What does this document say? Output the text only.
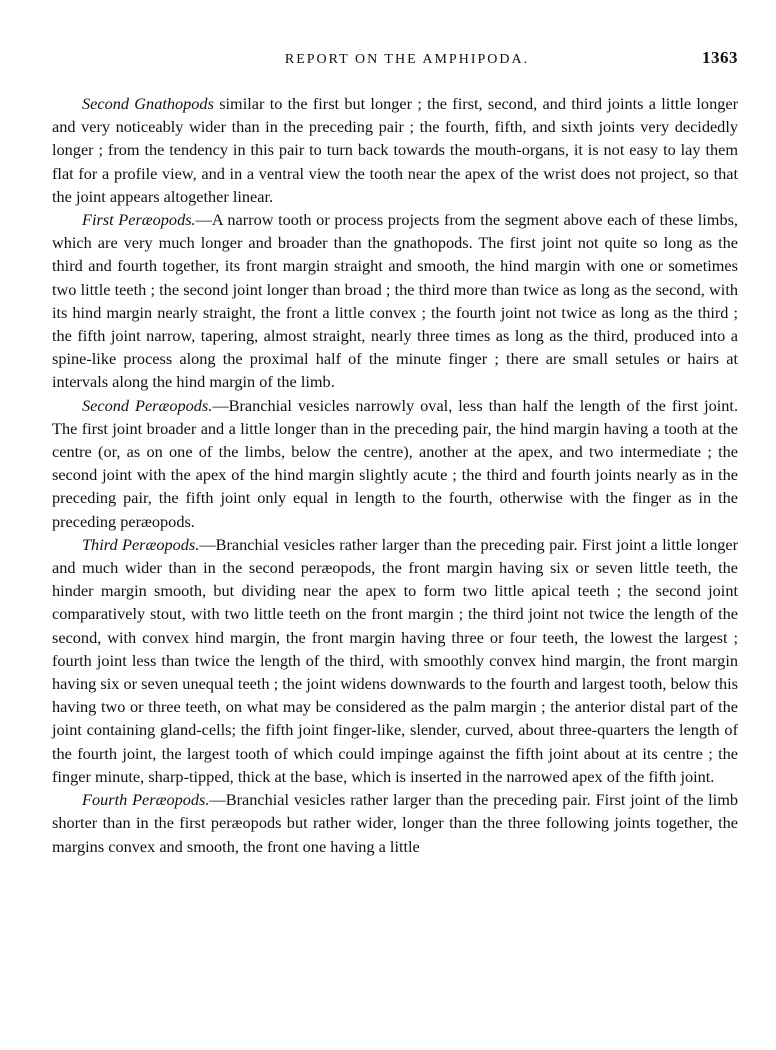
REPORT ON THE AMPHIPODA.	1363

Second Gnathopods similar to the first but longer ; the first, second, and third joints a little longer and very noticeably wider than in the preceding pair ; the fourth, fifth, and sixth joints very decidedly longer ; from the tendency in this pair to turn back towards the mouth-organs, it is not easy to lay them flat for a profile view, and in a ventral view the tooth near the apex of the wrist does not project, so that the joint appears altogether linear.

First Peræopods.—A narrow tooth or process projects from the segment above each of these limbs, which are very much longer and broader than the gnathopods. The first joint not quite so long as the third and fourth together, its front margin straight and smooth, the hind margin with one or sometimes two little teeth ; the second joint longer than broad ; the third more than twice as long as the second, with its hind margin nearly straight, the front a little convex ; the fourth joint not twice as long as the third ; the fifth joint narrow, tapering, almost straight, nearly three times as long as the third, produced into a spine-like process along the proximal half of the minute finger ; there are small setules or hairs at intervals along the hind margin of the limb.

Second Peræopods.—Branchial vesicles narrowly oval, less than half the length of the first joint. The first joint broader and a little longer than in the preceding pair, the hind margin having a tooth at the centre (or, as on one of the limbs, below the centre), another at the apex, and two intermediate ; the second joint with the apex of the hind margin slightly acute ; the third and fourth joints nearly as in the preceding pair, the fifth joint only equal in length to the fourth, otherwise with the finger as in the preceding peræopods.

Third Peræopods.—Branchial vesicles rather larger than the preceding pair. First joint a little longer and much wider than in the second peræopods, the front margin having six or seven little teeth, the hinder margin smooth, but dividing near the apex to form two little apical teeth ; the second joint comparatively stout, with two little teeth on the front margin ; the third joint not twice the length of the second, with convex hind margin, the front margin having three or four teeth, the lowest the largest ; fourth joint less than twice the length of the third, with smoothly convex hind margin, the front margin having six or seven unequal teeth ; the joint widens downwards to the fourth and largest tooth, below this having two or three teeth, on what may be considered as the palm margin ; the anterior distal part of the joint containing gland-cells; the fifth joint finger-like, slender, curved, about three-quarters the length of the fourth joint, the largest tooth of which could impinge against the fifth joint about at its centre ; the finger minute, sharp-tipped, thick at the base, which is inserted in the narrowed apex of the fifth joint.

Fourth Peræopods.—Branchial vesicles rather larger than the preceding pair. First joint of the limb shorter than in the first peræopods but rather wider, longer than the three following joints together, the margins convex and smooth, the front one having a little
